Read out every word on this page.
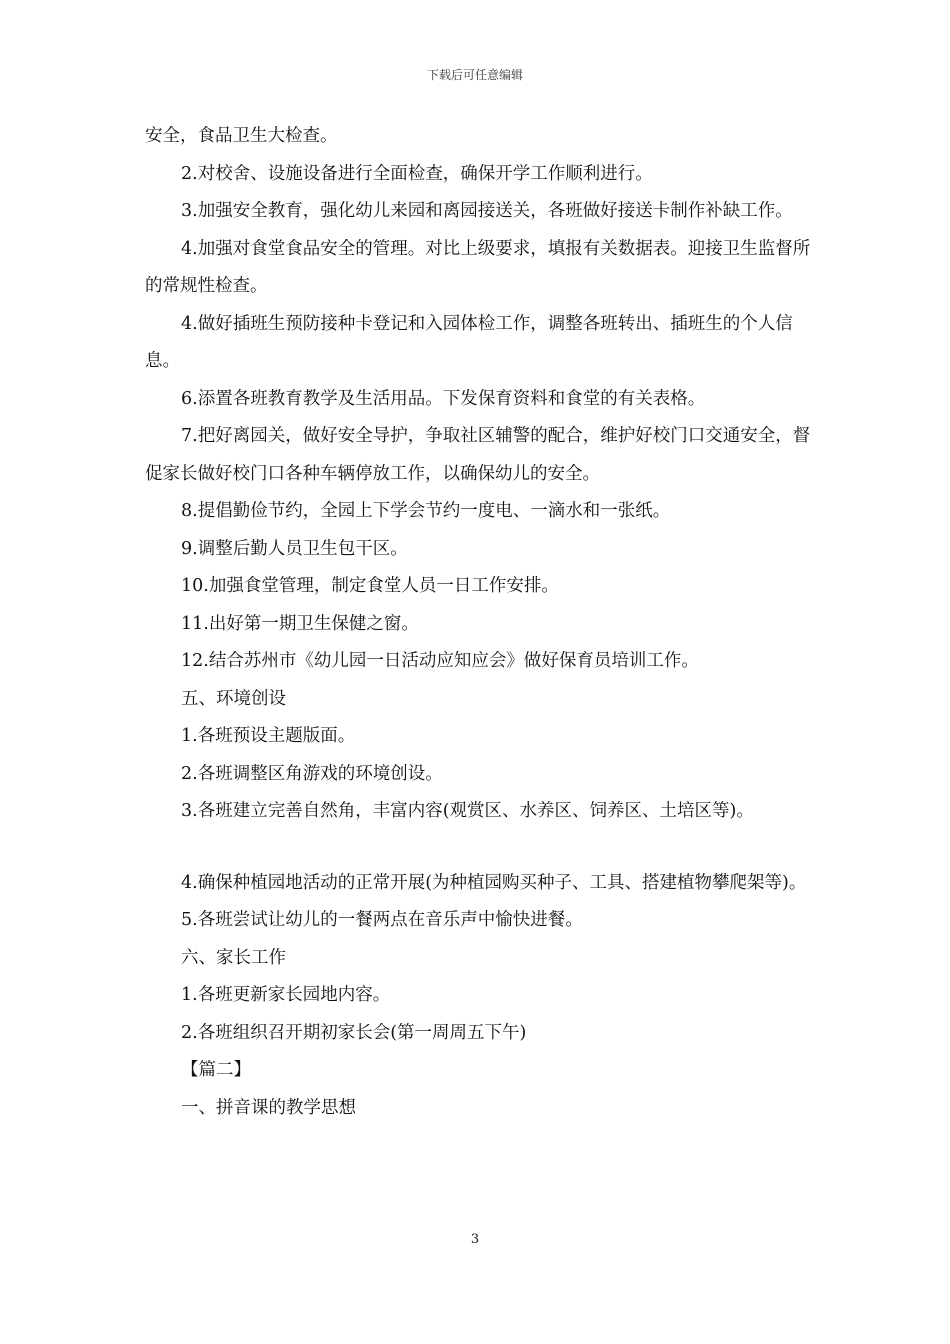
下载后可任意编辑

安全，食品卫生大检查。

2.对校舍、设施设备进行全面检查，确保开学工作顺利进行。

3.加强安全教育，强化幼儿来园和离园接送关，各班做好接送卡制作补缺工作。

4.加强对食堂食品安全的管理。对比上级要求，填报有关数据表。迎接卫生监督所的常规性检查。

4.做好插班生预防接种卡登记和入园体检工作，调整各班转出、插班生的个人信息。

6.添置各班教育教学及生活用品。下发保育资料和食堂的有关表格。

7.把好离园关，做好安全导护，争取社区辅警的配合，维护好校门口交通安全，督促家长做好校门口各种车辆停放工作，以确保幼儿的安全。

8.提倡勤俭节约，全园上下学会节约一度电、一滴水和一张纸。

9.调整后勤人员卫生包干区。

10.加强食堂管理，制定食堂人员一日工作安排。

11.出好第一期卫生保健之窗。

12.结合苏州市《幼儿园一日活动应知应会》做好保育员培训工作。

五、环境创设

1.各班预设主题版面。

2.各班调整区角游戏的环境创设。

3.各班建立完善自然角，丰富内容(观赏区、水养区、饲养区、土培区等)。

4.确保种植园地活动的正常开展(为种植园购买种子、工具、搭建植物攀爬架等)。

5.各班尝试让幼儿的一餐两点在音乐声中愉快进餐。

六、家长工作

1.各班更新家长园地内容。

2.各班组织召开期初家长会(第一周周五下午)

【篇二】

一、拼音课的教学思想

3
